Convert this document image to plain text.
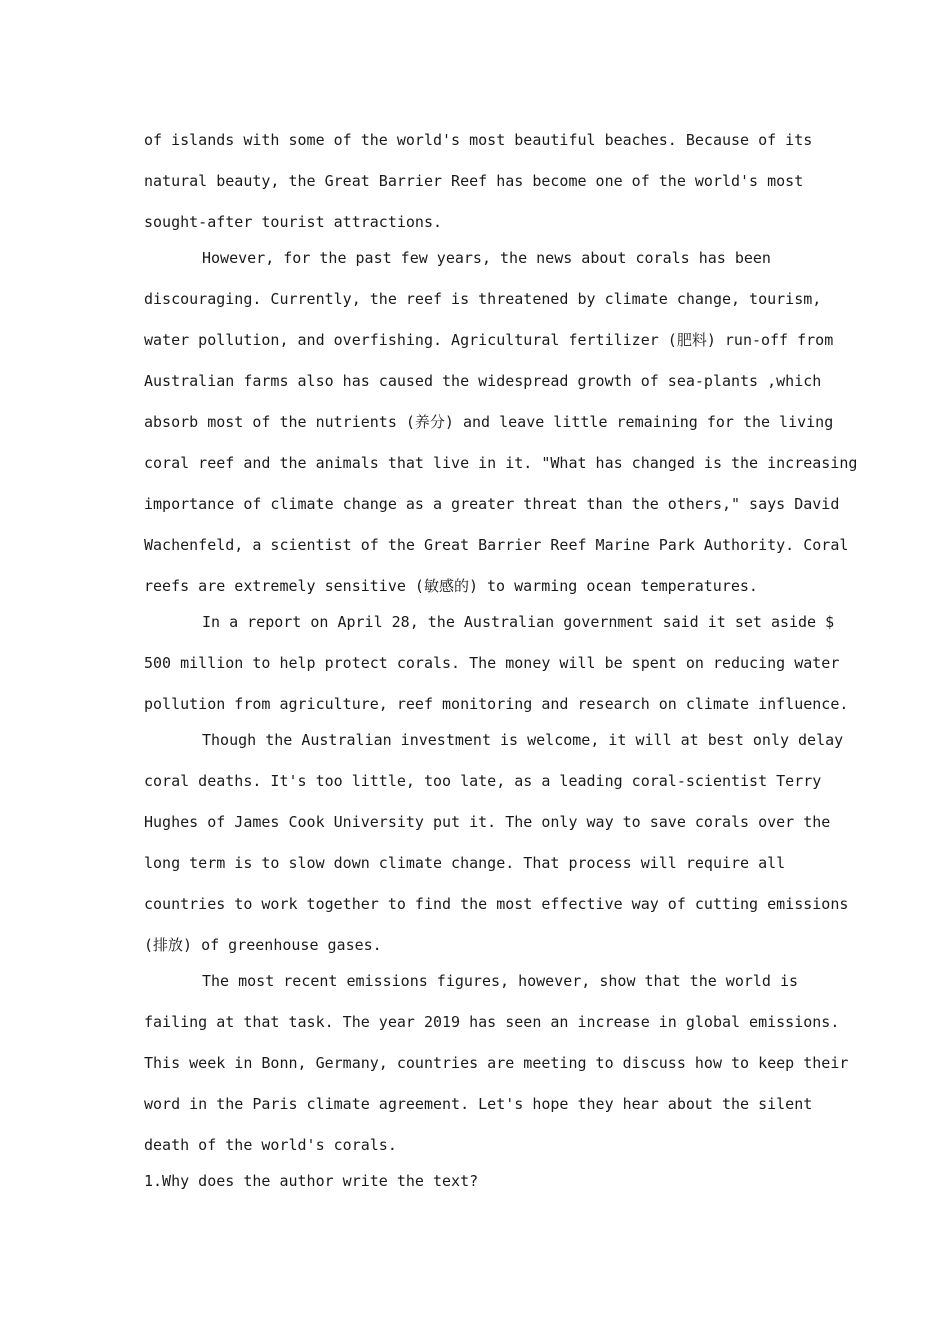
of islands with some of the world's most beautiful beaches. Because of its
natural beauty, the Great Barrier Reef has become one of the world's most
sought-after tourist attractions.
However, for the past few years, the news about corals has been
discouraging. Currently, the reef is threatened by climate change, tourism,
water pollution, and overfishing. Agricultural fertilizer (肥料) run-off from
Australian farms also has caused the widespread growth of sea-plants ,which
absorb most of the nutrients (养分) and leave little remaining for the living
coral reef and the animals that live in it. "What has changed is the increasing
importance of climate change as a greater threat than the others," says David
Wachenfeld, a scientist of the Great Barrier Reef Marine Park Authority. Coral
reefs are extremely sensitive (敏感的) to warming ocean temperatures.
In a report on April 28, the Australian government said it set aside $
500 million to help protect corals. The money will be spent on reducing water
pollution from agriculture, reef monitoring and research on climate influence.
Though the Australian investment is welcome, it will at best only delay
coral deaths. It's too little, too late, as a leading coral-scientist Terry
Hughes of James Cook University put it. The only way to save corals over the
long term is to slow down climate change. That process will require all
countries to work together to find the most effective way of cutting emissions
(排放) of greenhouse gases.
The most recent emissions figures, however, show that the world is
failing at that task. The year 2019 has seen an increase in global emissions.
This week in Bonn, Germany, countries are meeting to discuss how to keep their
word in the Paris climate agreement. Let's hope they hear about the silent
death of the world's corals.
1.Why does the author write the text?
